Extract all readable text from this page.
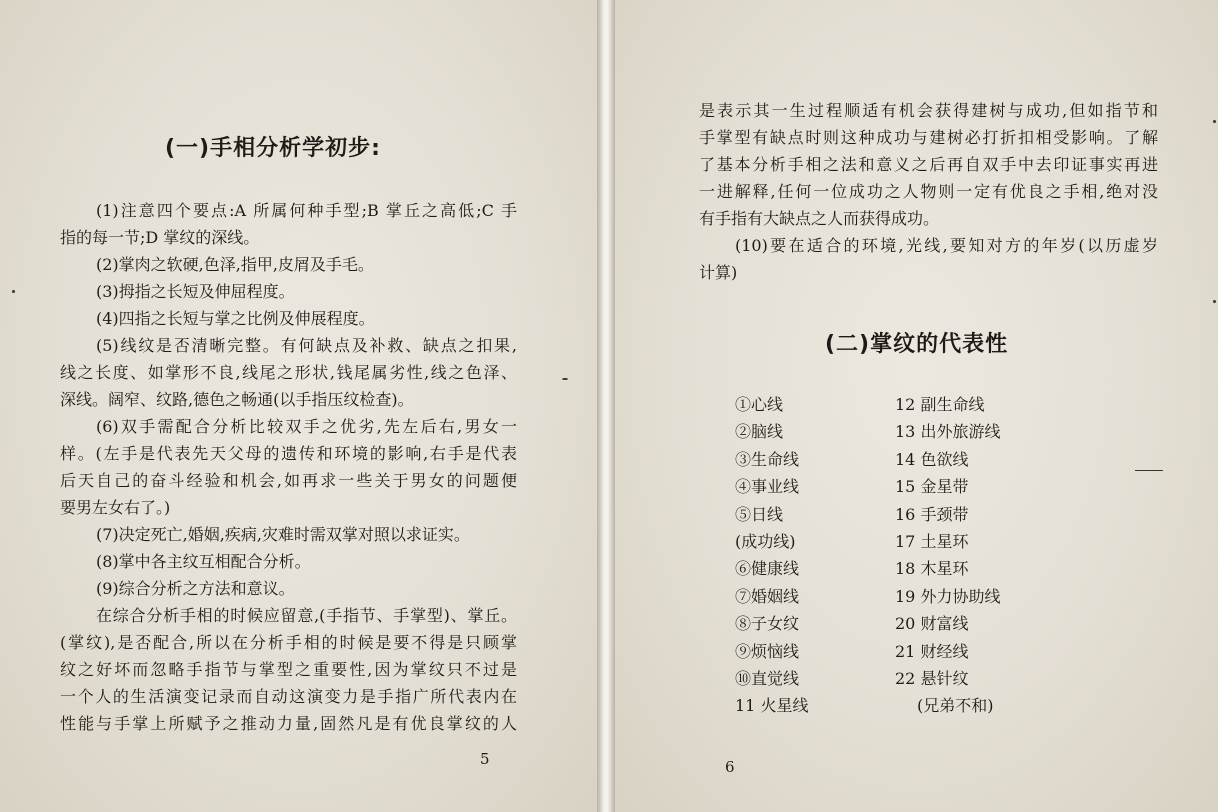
(一)手相分析学初步:
(1)注意四个要点:A 所属何种手型;B 掌丘之高低;C 手
指的每一节;D 掌纹的深线。
(2)掌肉之软硬,色泽,指甲,皮屑及手毛。
(3)拇指之长短及伸屈程度。
(4)四指之长短与掌之比例及伸展程度。
(5)线纹是否清晰完整。有何缺点及补救、缺点之扣果,
线之长度、如掌形不良,线尾之形状,钱尾属劣性,线之色泽、
深线。阔窄、纹路,德色之畅通(以手指压纹检查)。
(6)双手需配合分析比较双手之优劣,先左后右,男女一
样。(左手是代表先天父母的遗传和环境的影响,右手是代表
后天自己的奋斗经验和机会,如再求一些关于男女的问题便
要男左女右了。)
(7)决定死亡,婚姻,疾病,灾难时需双掌对照以求证实。
(8)掌中各主纹互相配合分析。
(9)综合分析之方法和意议。
在综合分析手相的时候应留意,(手指节、手掌型)、掌丘。
(掌纹),是否配合,所以在分析手相的时候是要不得是只顾掌
纹之好坏而忽略手指节与掌型之重要性,因为掌纹只不过是
一个人的生活演变记录而自动这演变力是手指广所代表内在
性能与手掌上所赋予之推动力量,固然凡是有优良掌纹的人
5
是表示其一生过程顺适有机会获得建树与成功,但如指节和
手掌型有缺点时则这种成功与建树必打折扣相受影响。了解
了基本分析手相之法和意义之后再自双手中去印证事实再进
一进解释,任何一位成功之人物则一定有优良之手相,绝对没
有手指有大缺点之人而获得成功。
(10)要在适合的环境,光线,要知对方的年岁(以历虚岁
计算)
(二)掌纹的代表性
①心线
②脑线
③生命线
④事业线
⑤日线
(成功线)
⑥健康线
⑦婚姻线
⑧子女纹
⑨烦恼线
⑩直觉线
11 火星线
12 副生命线
13 出外旅游线
14 色欲线
15 金星带
16 手颈带
17 土星环
18 木星环
19 外力协助线
20 财富线
21 财经线
22 悬针纹
(兄弟不和)
6
